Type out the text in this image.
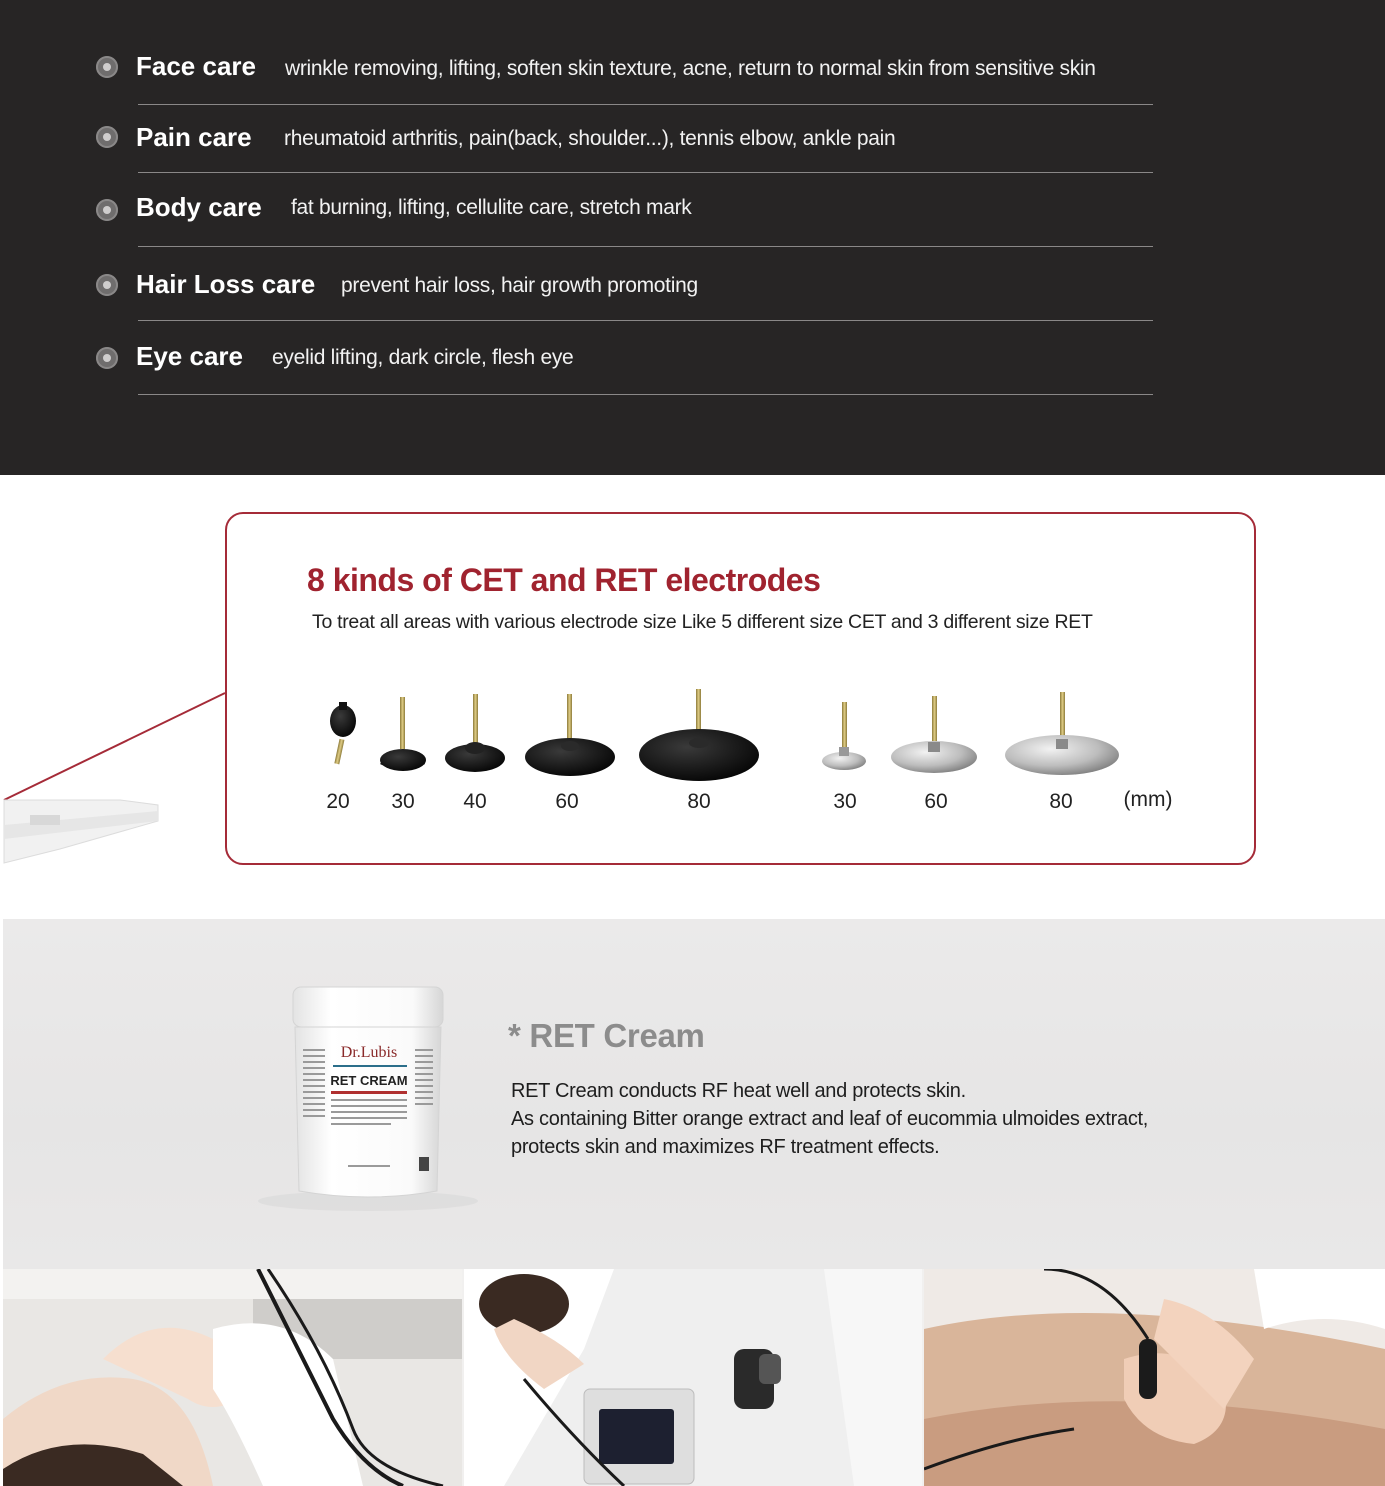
Face care wrinkle removing, lifting, soften skin texture, acne, return to normal skin from sensitive skin
Pain care rheumatoid arthritis, pain(back, shoulder...), tennis elbow, ankle pain
Body care fat burning, lifting, cellulite care, stretch mark
Hair Loss care prevent hair loss, hair growth promoting
Eye care eyelid lifting, dark circle, flesh eye
8 kinds of CET and RET electrodes
To treat all areas with various electrode size Like 5 different size CET and 3 different size RET
20 30 40	60	80	30	60	80 (mm)
Dr.Lubis
RET CREAM
* RET Cream
RET Cream conducts RF heat well and protects skin.
As containing Bitter orange extract and leaf of eucommia ulmoides extract,
protects skin and maximizes RF treatment effects.
